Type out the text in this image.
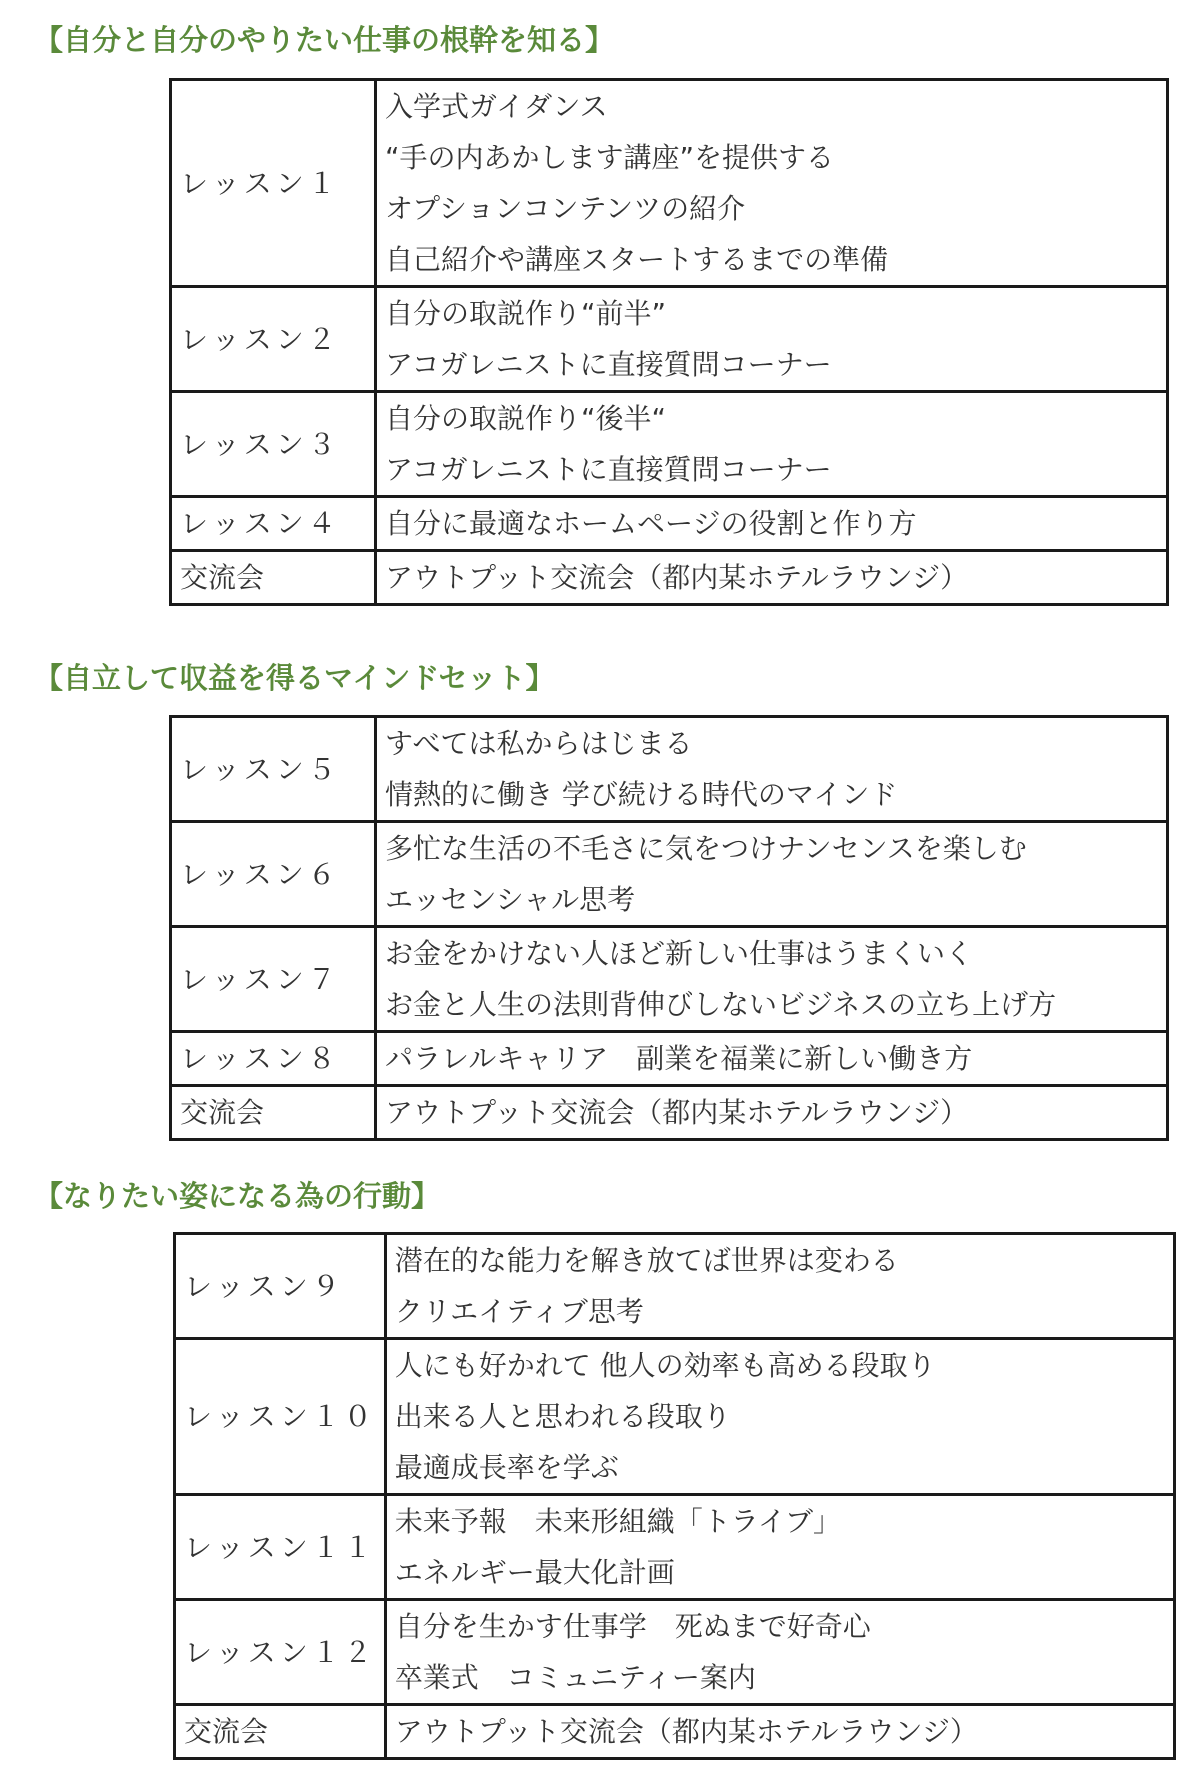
【自分と自分のやりたい仕事の根幹を知る】
レッスン１	入学式ガイダンス
“手の内あかします講座”を提供する
オプションコンテンツの紹介
自己紹介や講座スタートするまでの準備

レッスン２	自分の取説作り“前半”
アコガレニストに直接質問コーナー

レッスン３	自分の取説作り“後半“
アコガレニストに直接質問コーナー

レッスン４	自分に最適なホームページの役割と作り方

交流会	アウトプット交流会（都内某ホテルラウンジ）
【自立して収益を得るマインドセット】
レッスン５	すべては私からはじまる
情熱的に働き 学び続ける時代のマインド

レッスン６	多忙な生活の不毛さに気をつけナンセンスを楽しむ
エッセンシャル思考

レッスン７	お金をかけない人ほど新しい仕事はうまくいく
お金と人生の法則背伸びしないビジネスの立ち上げ方

レッスン８	パラレルキャリア　副業を福業に新しい働き方

交流会	アウトプット交流会（都内某ホテルラウンジ）
【なりたい姿になる為の行動】
レッスン９	潜在的な能力を解き放てば世界は変わる
クリエイティブ思考

レッスン１０	人にも好かれて 他人の効率も高める段取り
出来る人と思われる段取り
最適成長率を学ぶ

レッスン１１	未来予報　未来形組織「トライブ」
エネルギー最大化計画

レッスン１２	自分を生かす仕事学　死ぬまで好奇心
卒業式　コミュニティー案内

交流会	アウトプット交流会（都内某ホテルラウンジ）
